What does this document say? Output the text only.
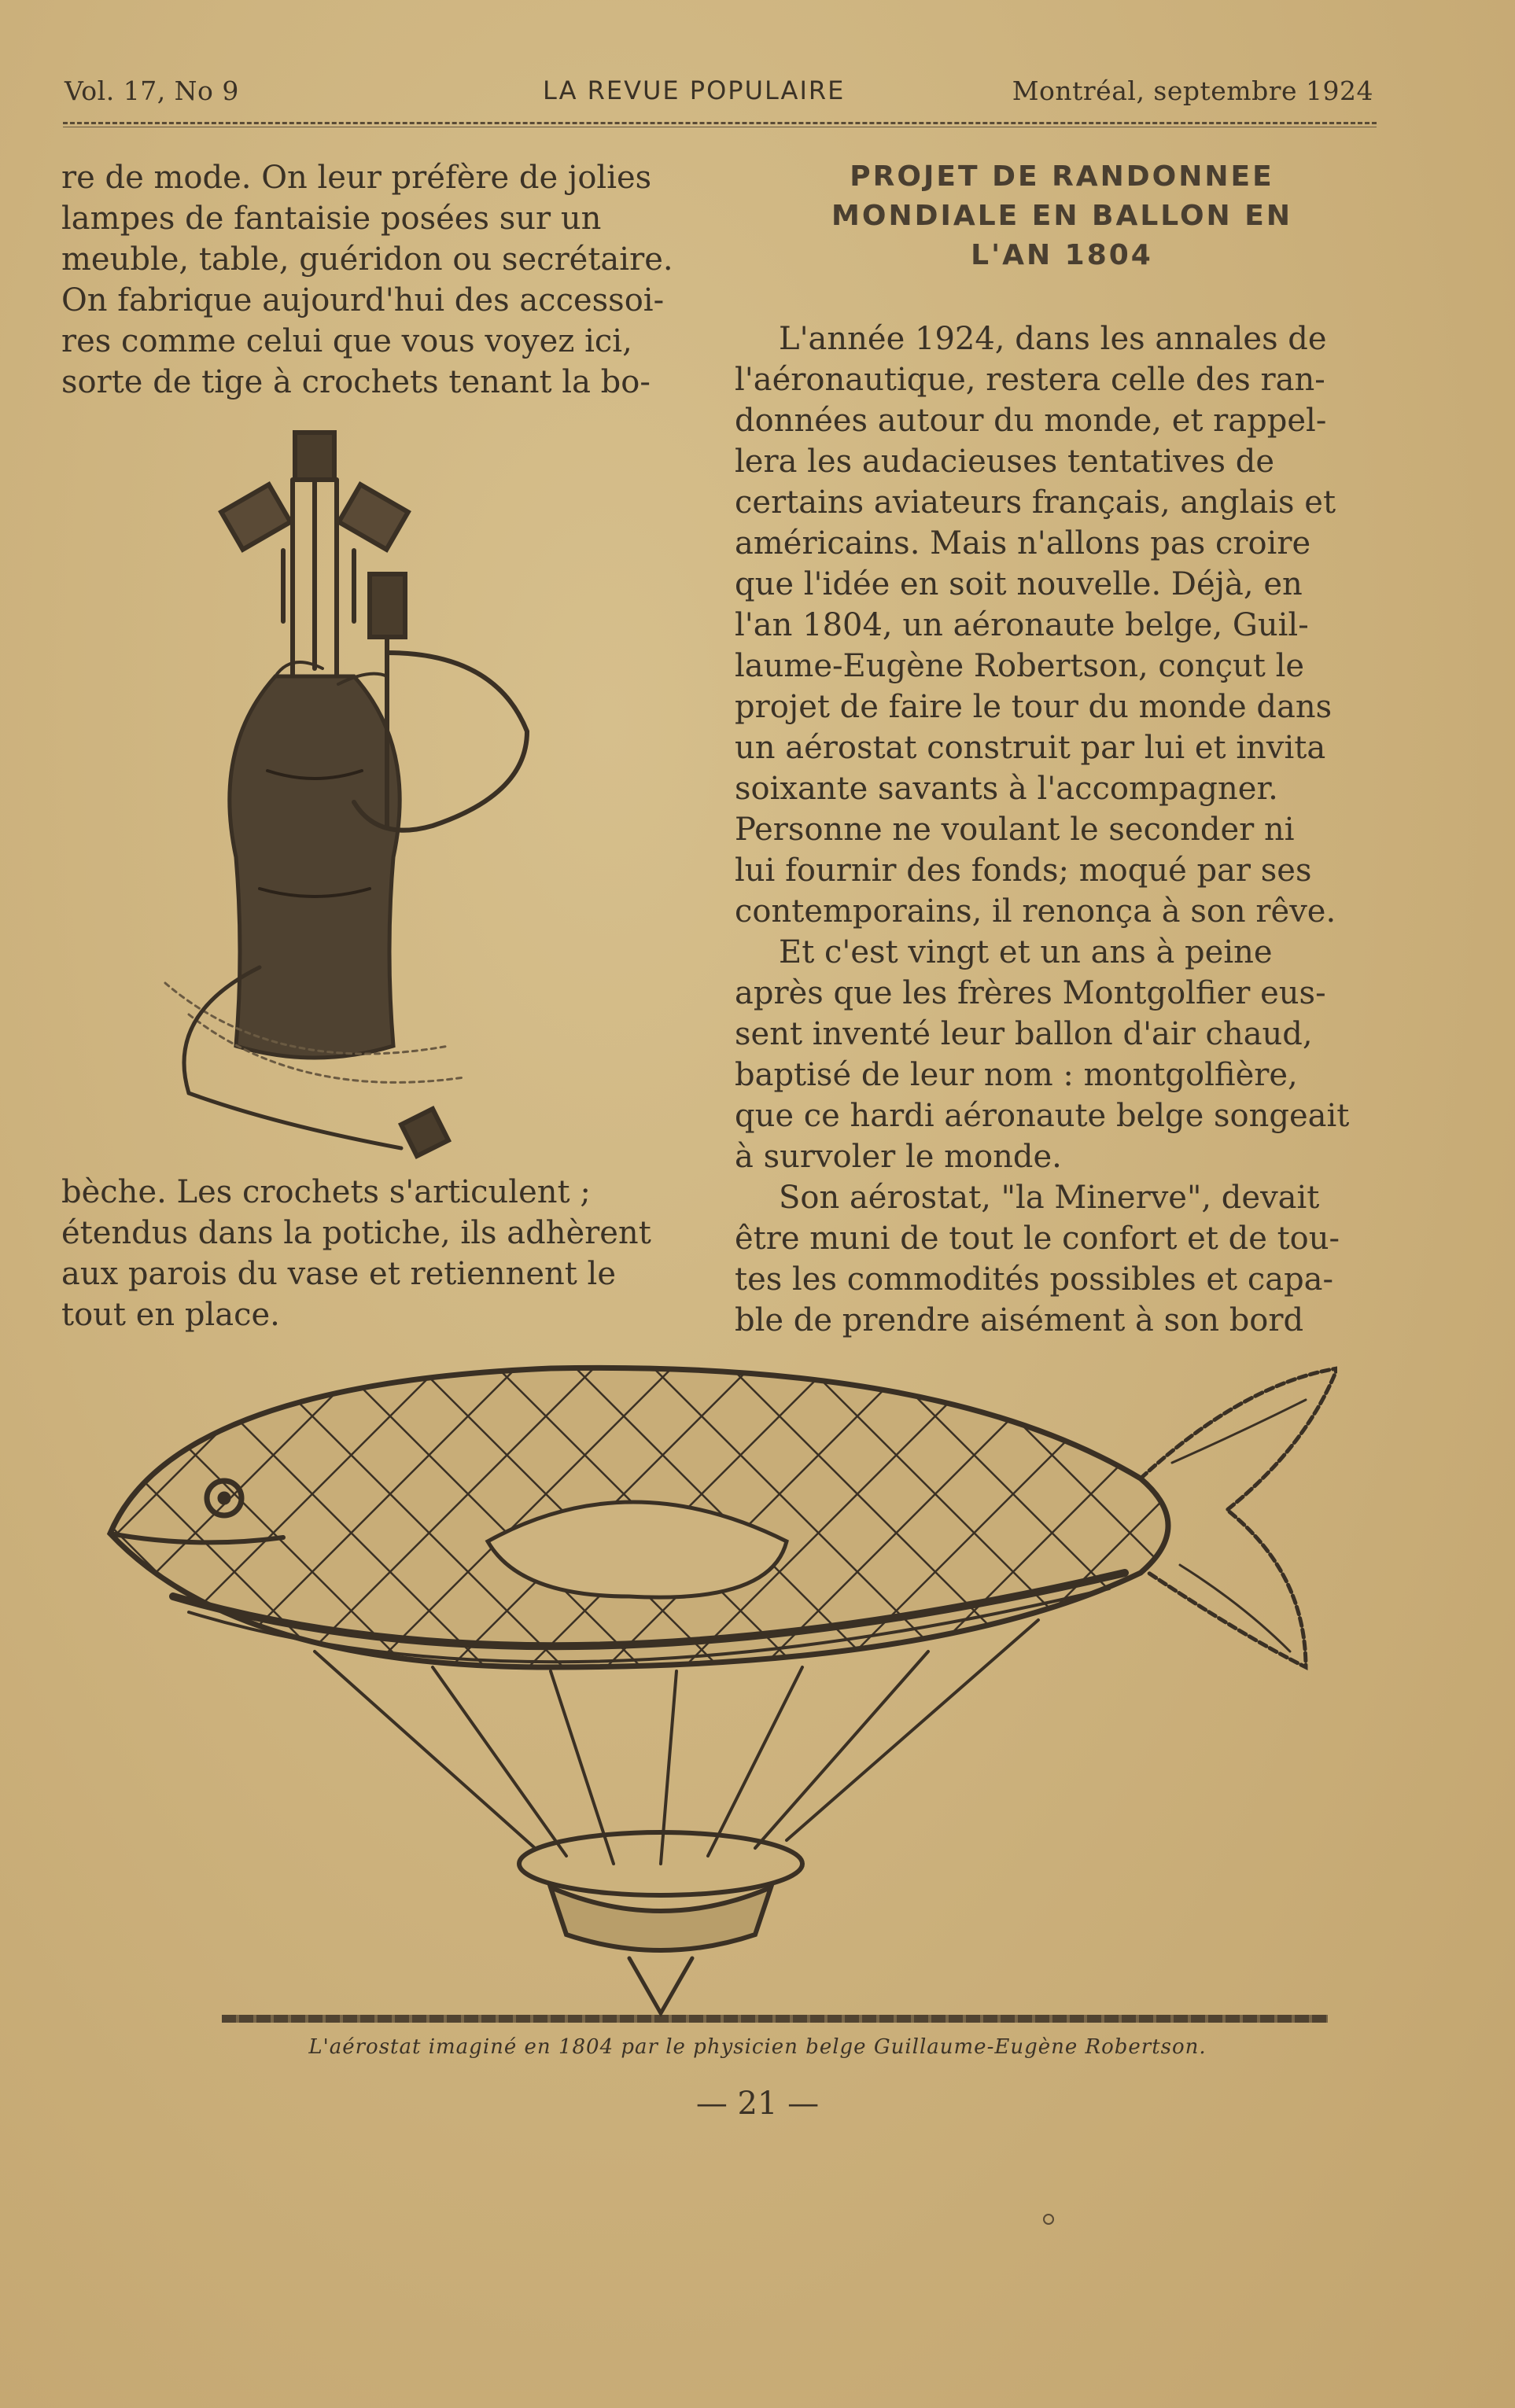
Vol. 17, No 9	LA REVUE POPULAIRE	Montréal, septembre 1924

re de mode. On leur préfère de jolies

lampes de fantaisie posées sur un

meuble, table, guéridon ou secrétaire.

On fabrique aujourd'hui des accessoi-

res comme celui que vous voyez ici,

sorte de tige à crochets tenant la bo-

bèche. Les crochets s'articulent ;

étendus dans la potiche, ils adhèrent

aux parois du vase et retiennent le

tout en place.

PROJET DE RANDONNEE
MONDIALE EN BALLON EN
L'AN 1804

L'année 1924, dans les annales de

l'aéronautique, restera celle des ran-

données autour du monde, et rappel-

lera les audacieuses tentatives de

certains aviateurs français, anglais et

américains. Mais n'allons pas croire

que l'idée en soit nouvelle. Déjà, en

l'an 1804, un aéronaute belge, Guil-

laume-Eugène Robertson, conçut le

projet de faire le tour du monde dans

un aérostat construit par lui et invita

soixante savants à l'accompagner.

Personne ne voulant le seconder ni

lui fournir des fonds; moqué par ses

contemporains, il renonça à son rêve.

Et c'est vingt et un ans à peine

après que les frères Montgolfier eus-

sent inventé leur ballon d'air chaud,

baptisé de leur nom : montgolfière,

que ce hardi aéronaute belge songeait

à survoler le monde.

Son aérostat, "la Minerve", devait

être muni de tout le confort et de tou-

tes les commodités possibles et capa-

ble de prendre aisément à son bord

L'aérostat imaginé en 1804 par le physicien belge Guillaume-Eugène Robertson.
— 21 —
